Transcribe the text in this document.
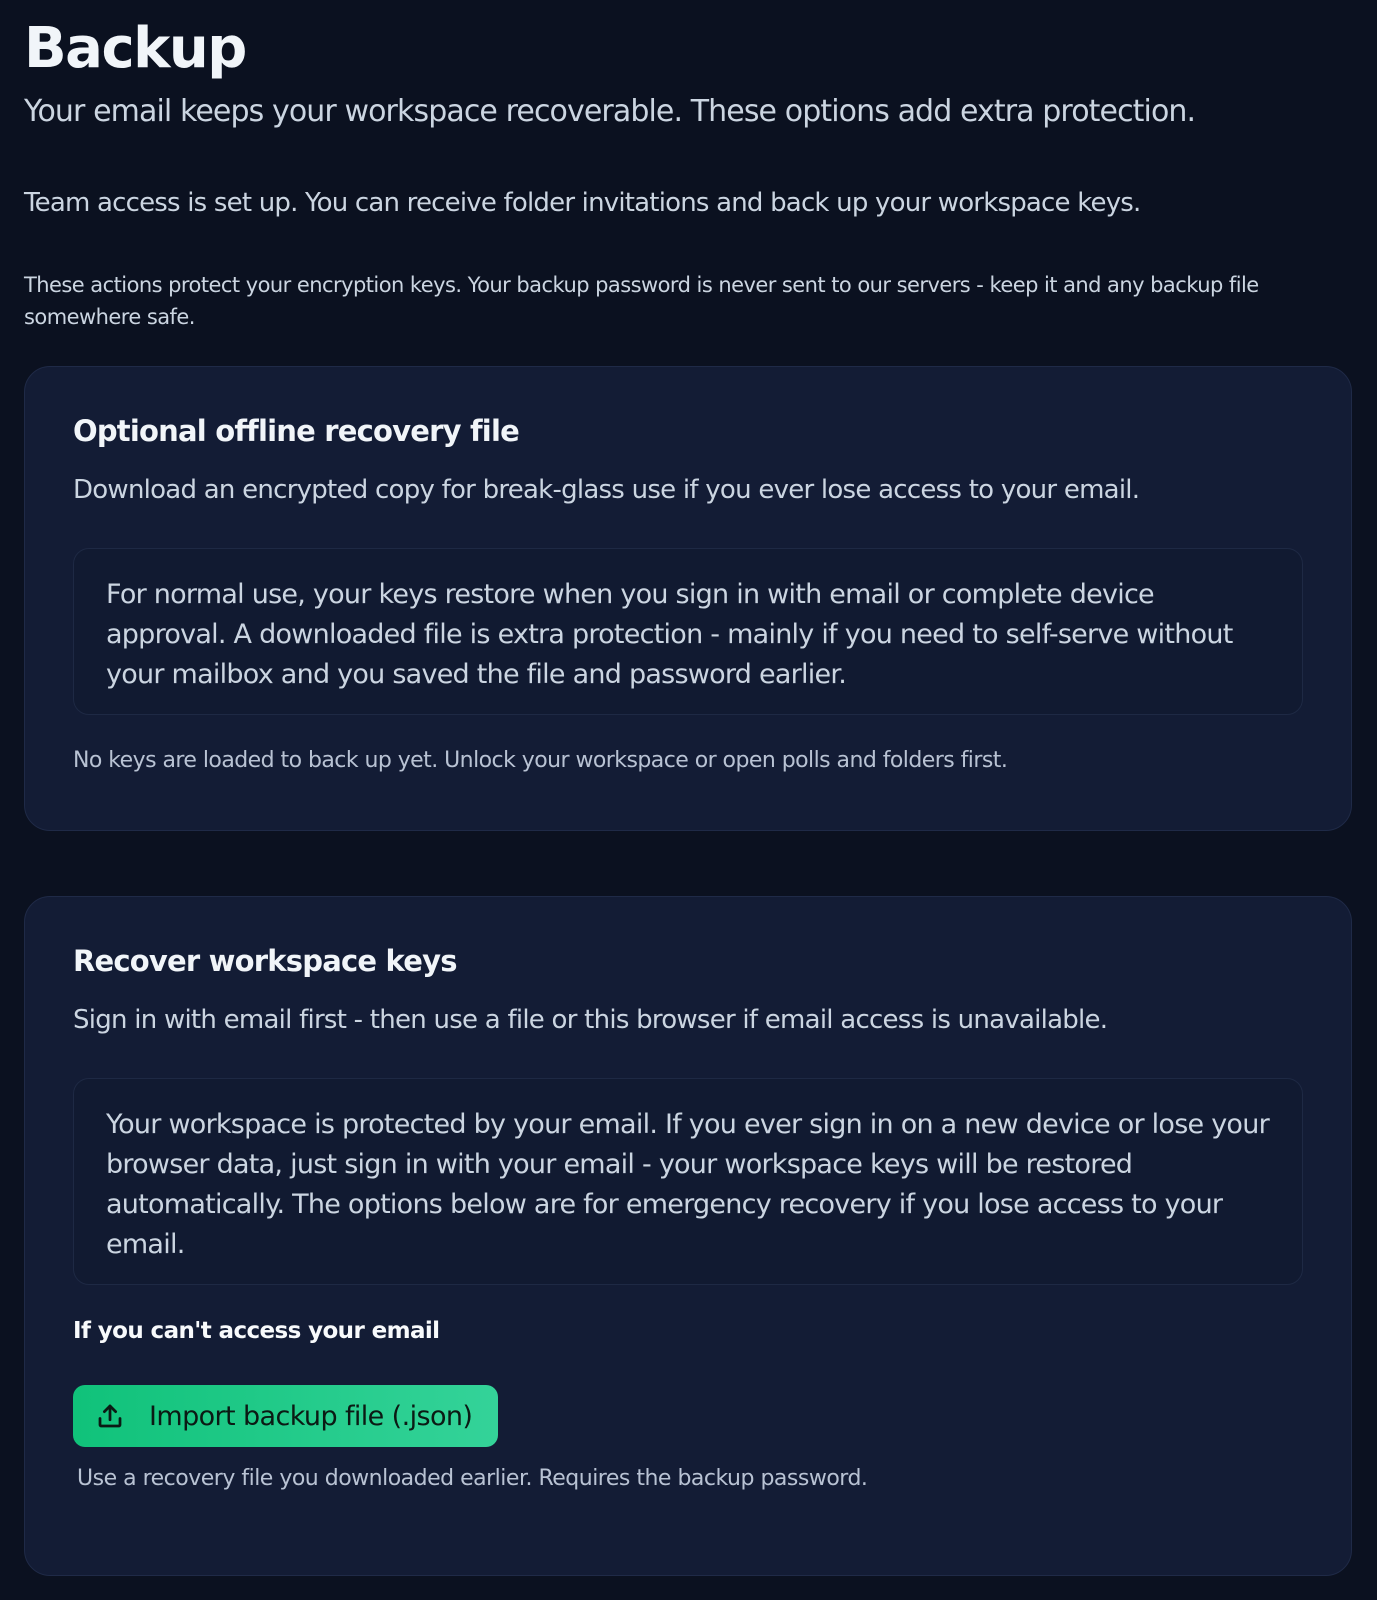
Backup
Your email keeps your workspace recoverable. These options add extra protection.
Team access is set up. You can receive folder invitations and back up your workspace keys.
These actions protect your encryption keys. Your backup password is never sent to our servers - keep it and any backup file somewhere safe.
Optional offline recovery file
Download an encrypted copy for break-glass use if you ever lose access to your email.
For normal use, your keys restore when you sign in with email or complete device approval. A downloaded file is extra protection - mainly if you need to self-serve without your mailbox and you saved the file and password earlier.
No keys are loaded to back up yet. Unlock your workspace or open polls and folders first.
Recover workspace keys
Sign in with email first - then use a file or this browser if email access is unavailable.
Your workspace is protected by your email. If you ever sign in on a new device or lose your browser data, just sign in with your email - your workspace keys will be restored automatically. The options below are for emergency recovery if you lose access to your email.
If you can't access your email
Import backup file (.json)
Use a recovery file you downloaded earlier. Requires the backup password.
